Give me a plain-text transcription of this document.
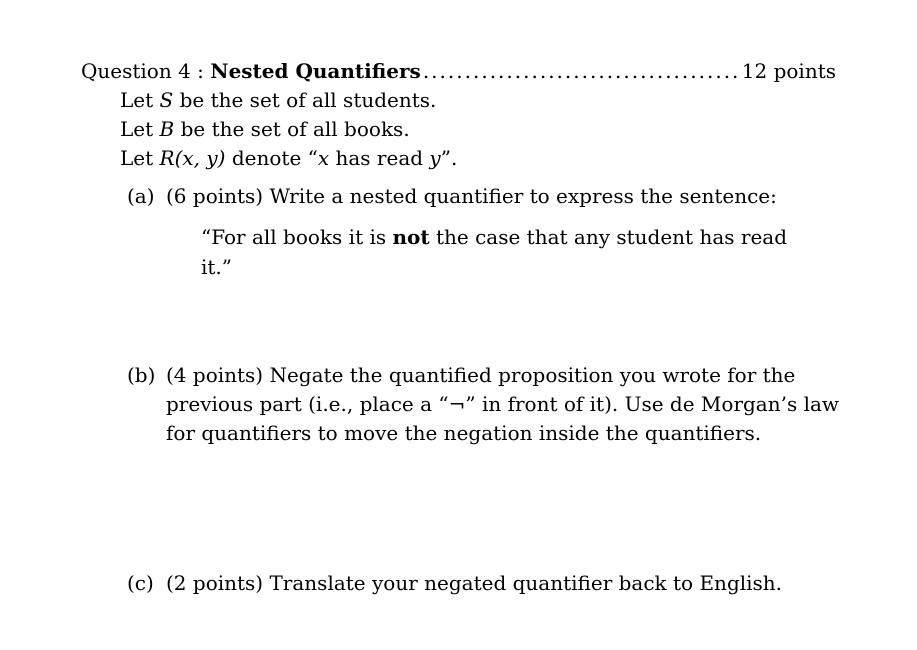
Question 4 :
Nested Quantifiers
.....	12 points
Let S be the set of all students.
Let B be the set of all books.
Let R(x, y) denote “x has read y”.
(a) (6 points) Write a nested quantifier to express the sentence:
“For all books it is not the case that any student has read it.”
(b) (4 points) Negate the quantified proposition you wrote for the previous part (i.e., place a “¬” in front of it). Use de Morgan’s law for quantifiers to move the negation inside the quantifiers.
(c) (2 points) Translate your negated quantifier back to English.
